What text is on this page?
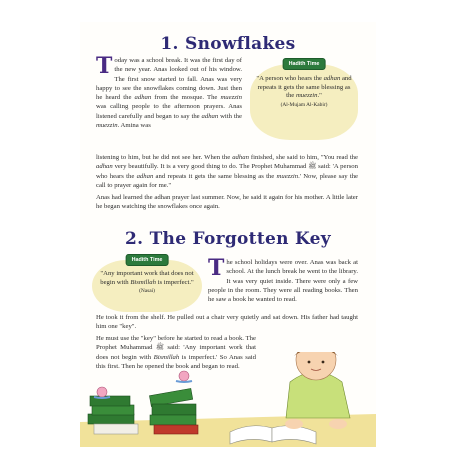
1. Snowflakes

Today was a school break. It was the first day of the new year. Anas looked out of his window. The first snow started to fall. Anas was very happy to see the snowflakes coming down. Just then he heard the adhan from the mosque. The muezzin was calling people to the afternoon prayers. Anas listened carefully and began to say the adhan with the muezzin. Amina was

Hadith Time

"A person who hears the adhan and repeats it gets the same blessing as the muezzin."

(Al-Mujam Al-Kabir)

listening to him, but he did not see her. When the adhan finished, she said to him, "You read the adhan very beautifully. It is a very good thing to do. The Prophet Muhammad ﷺ said: 'A person who hears the adhan and repeats it gets the same blessing as the muezzin.' Now, please say the call to prayer again for me."

Anas had learned the adhan prayer last summer. Now, he said it again for his mother. A little later he began watching the snowflakes once again.

2. The Forgotten Key
Hadith Time

"Any important work that does not begin with Bismillah is imperfect."

(Nasai)

The school holidays were over. Anas was back at school. At the lunch break he went to the library. It was very quiet inside. There were only a few people in the room. They were all reading books. Then he saw a book he wanted to read.

He took it from the shelf. He pulled out a chair very quietly and sat down. His father had taught him one "key".

He must use the "key" before he started to read a book. The Prophet Muhammad ﷺ said: 'Any important work that does not begin with Bismillah is imperfect.' So Anas said this first. Then he opened the book and began to read.
